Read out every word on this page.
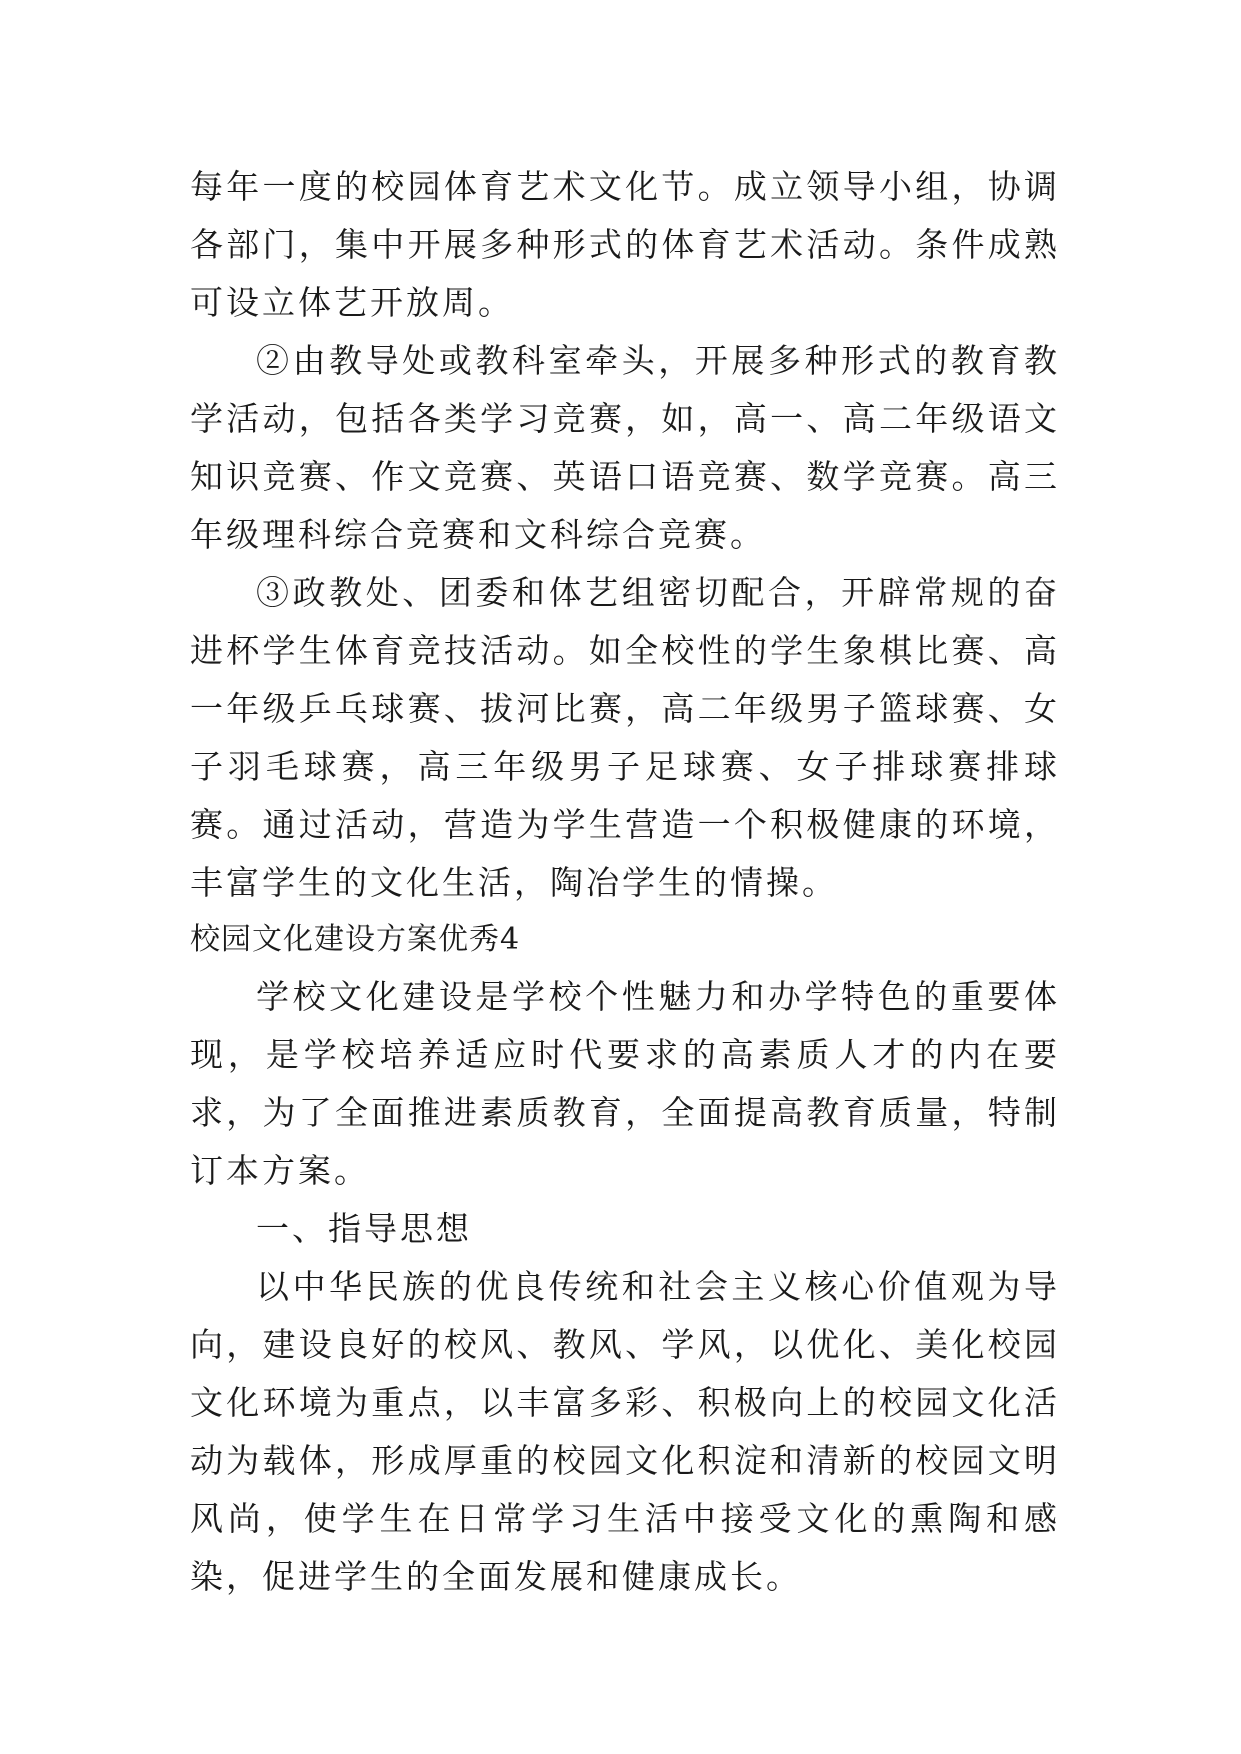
每年一度的校园体育艺术文化节。成立领导小组，协调各部门，集中开展多种形式的体育艺术活动。条件成熟可设立体艺开放周。

②由教导处或教科室牵头，开展多种形式的教育教学活动，包括各类学习竞赛，如，高一、高二年级语文知识竞赛、作文竞赛、英语口语竞赛、数学竞赛。高三年级理科综合竞赛和文科综合竞赛。

③政教处、团委和体艺组密切配合，开辟常规的奋进杯学生体育竞技活动。如全校性的学生象棋比赛、高一年级乒乓球赛、拔河比赛，高二年级男子篮球赛、女子羽毛球赛，高三年级男子足球赛、女子排球赛排球赛。通过活动，营造为学生营造一个积极健康的环境，丰富学生的文化生活，陶冶学生的情操。

校园文化建设方案优秀4

学校文化建设是学校个性魅力和办学特色的重要体现，是学校培养适应时代要求的高素质人才的内在要求，为了全面推进素质教育，全面提高教育质量，特制订本方案。

一、指导思想

以中华民族的优良传统和社会主义核心价值观为导向，建设良好的校风、教风、学风，以优化、美化校园文化环境为重点，以丰富多彩、积极向上的校园文化活动为载体，形成厚重的校园文化积淀和清新的校园文明风尚，使学生在日常学习生活中接受文化的熏陶和感染，促进学生的全面发展和健康成长。
